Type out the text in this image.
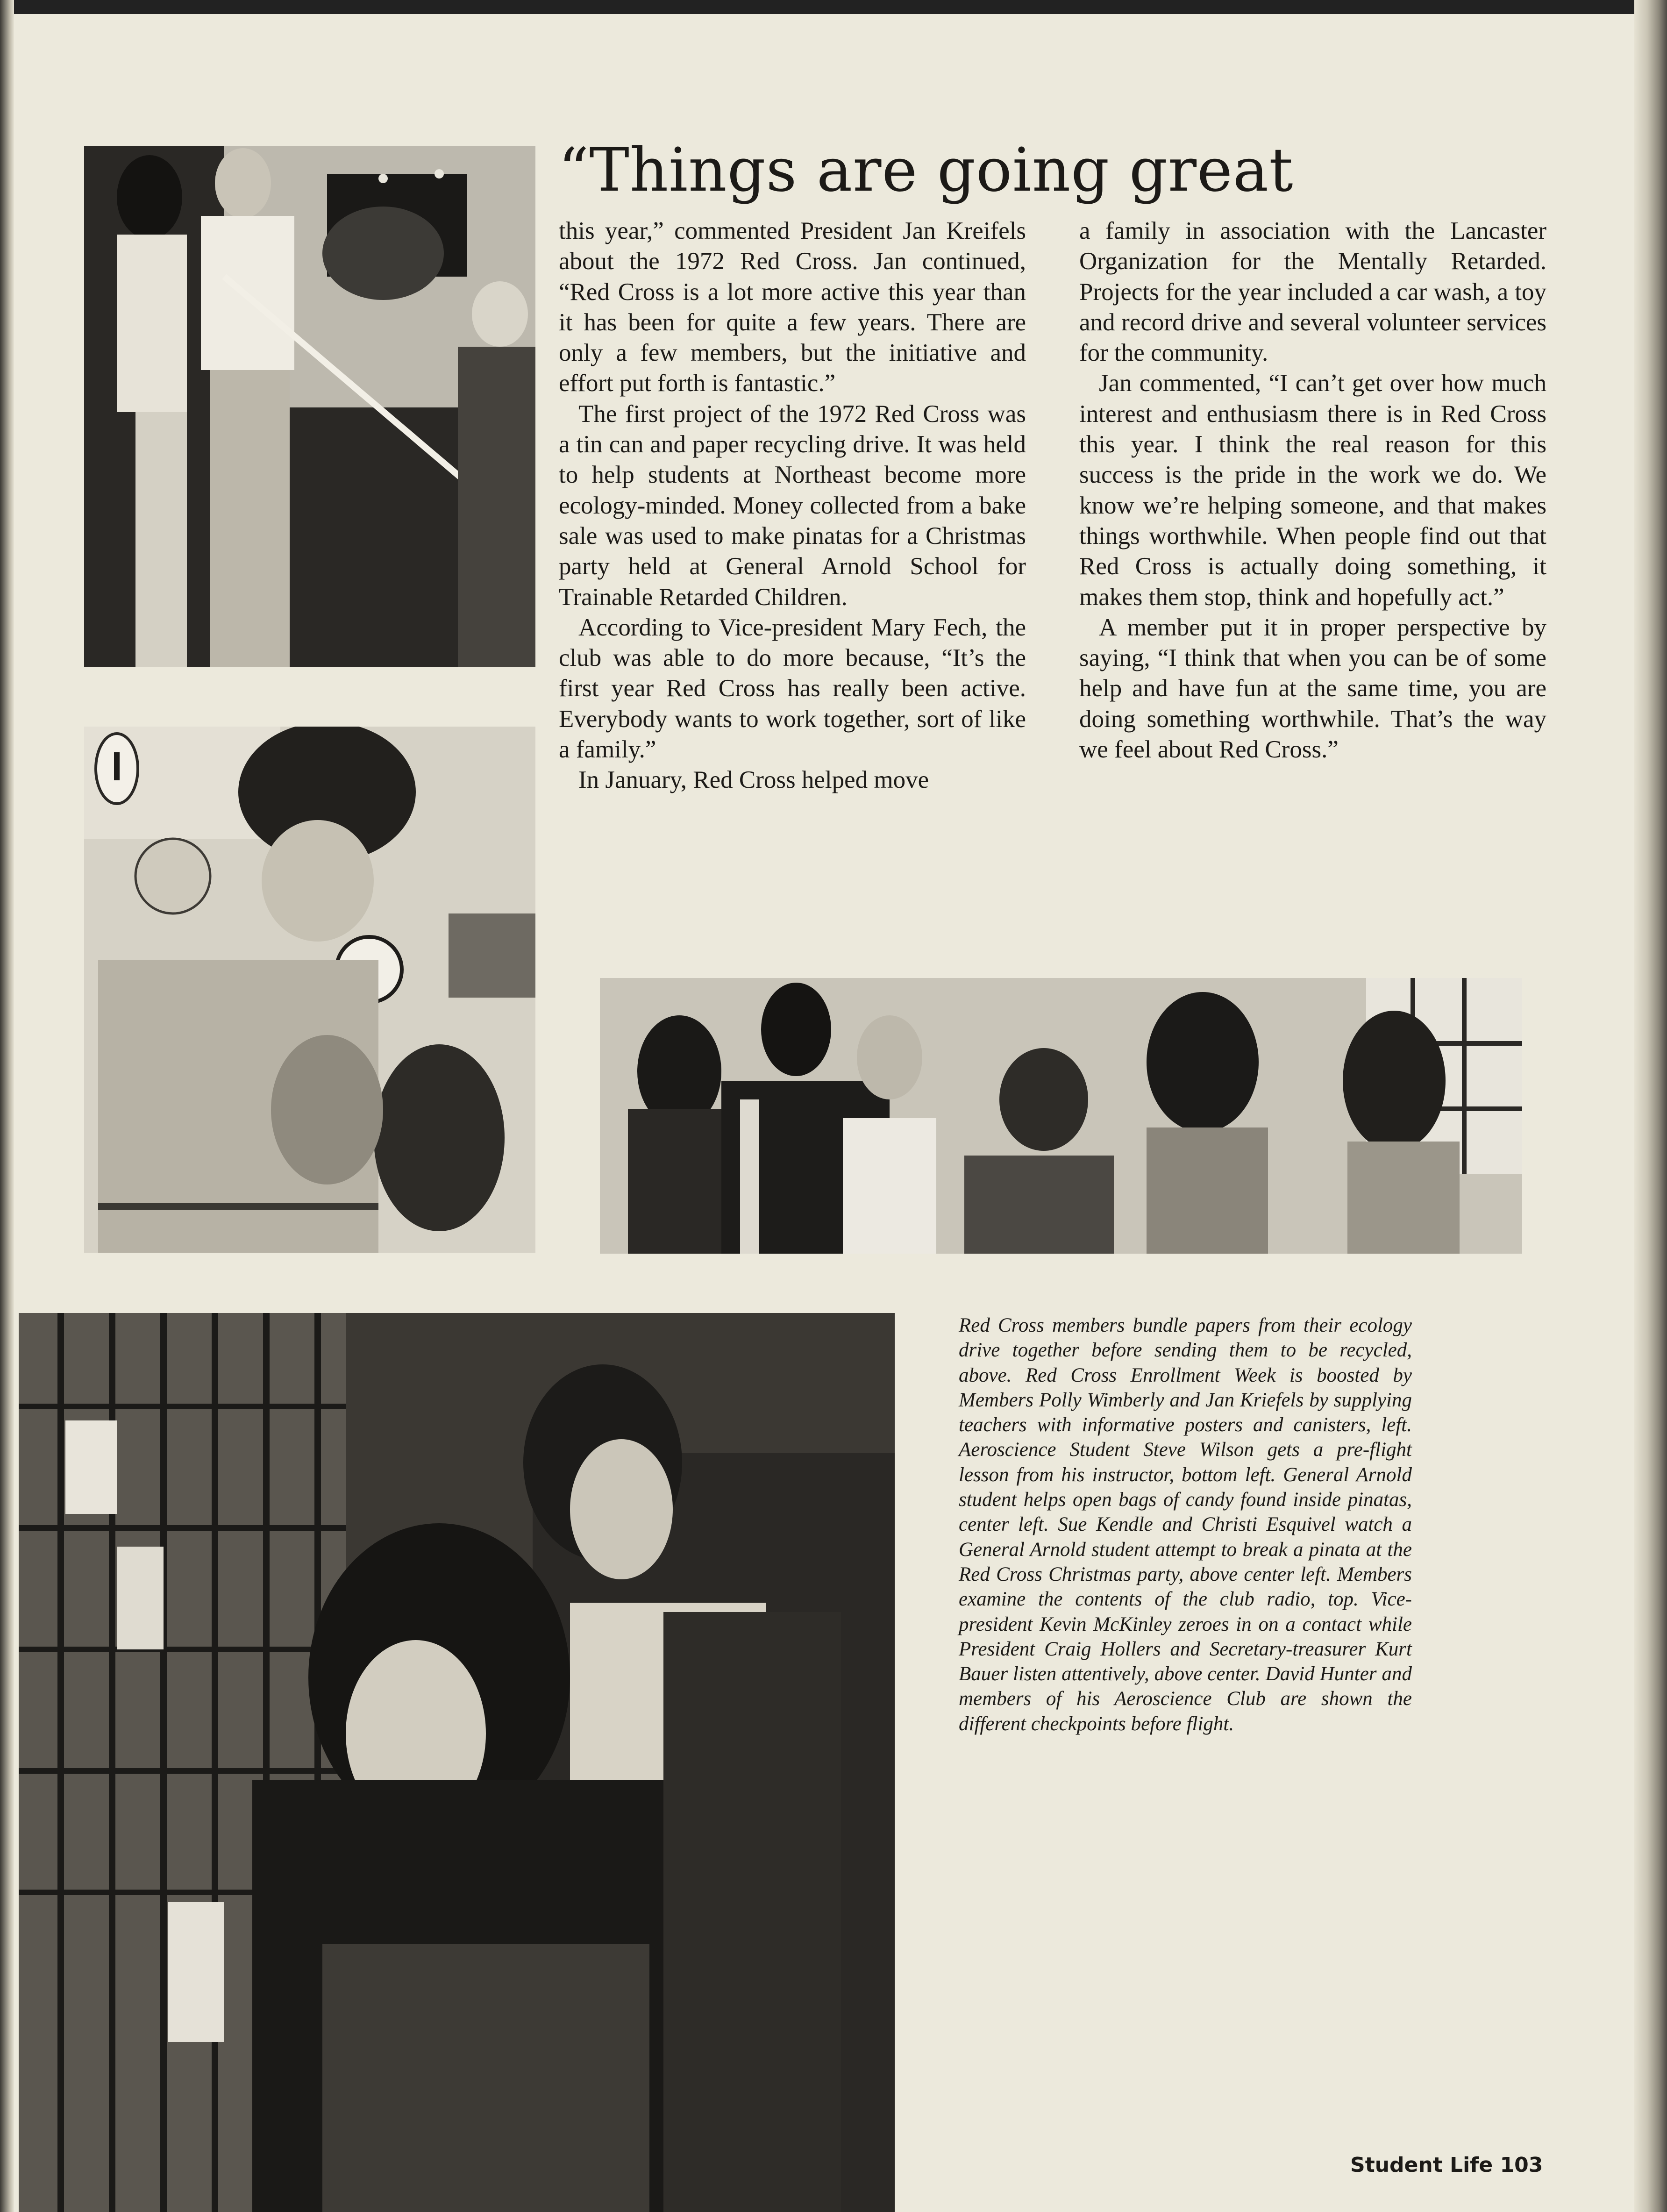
“Things are going great

this year,” commented President Jan Kreifels about the 1972 Red Cross. Jan continued, “Red Cross is a lot more active this year than it has been for quite a few years. There are only a few members, but the initiative and effort put forth is fantastic.”

The first project of the 1972 Red Cross was a tin can and paper recycling drive. It was held to help students at Northeast become more ecology-minded. Money collected from a bake sale was used to make pinatas for a Christmas party held at General Arnold School for Trainable Retarded Children.

According to Vice-president Mary Fech, the club was able to do more because, “It’s the first year Red Cross has really been active. Everybody wants to work together, sort of like a family.”

In January, Red Cross helped move

a family in association with the Lancaster Organization for the Mentally Retarded. Projects for the year included a car wash, a toy and record drive and several volunteer services for the community.

Jan commented, “I can’t get over how much interest and enthusiasm there is in Red Cross this year. I think the real reason for this success is the pride in the work we do. We know we’re helping someone, and that makes things worthwhile. When people find out that Red Cross is actually doing something, it makes them stop, think and hopefully act.”

A member put it in proper perspective by saying, “I think that when you can be of some help and have fun at the same time, you are doing something worthwhile. That’s the way we feel about Red Cross.”

Red Cross members bundle papers from their ecology drive together before sending them to be recycled, above. Red Cross Enrollment Week is boosted by Members Polly Wimberly and Jan Kriefels by supplying teachers with informative posters and canisters, left. Aeroscience Student Steve Wilson gets a pre-flight lesson from his instructor, bottom left. General Arnold student helps open bags of candy found inside pinatas, center left. Sue Kendle and Christi Esquivel watch a General Arnold student attempt to break a pinata at the Red Cross Christmas party, above center left. Members examine the contents of the club radio, top. Vice-president Kevin McKinley zeroes in on a contact while President Craig Hollers and Secretary-treasurer Kurt Bauer listen attentively, above center. David Hunter and members of his Aeroscience Club are shown the different checkpoints before flight.

Student Life 103
